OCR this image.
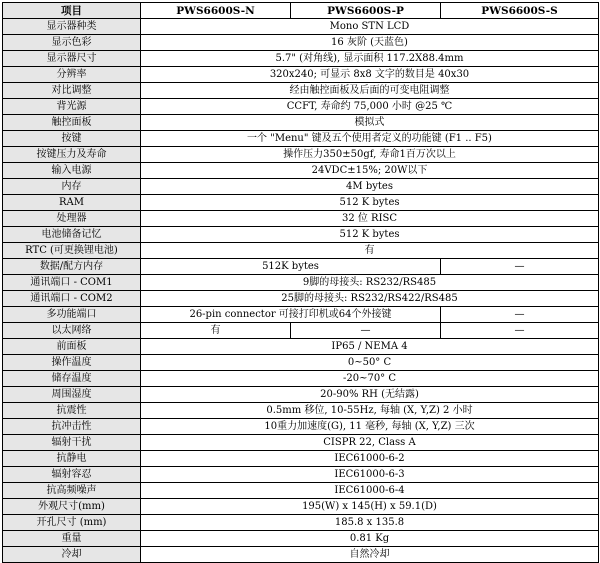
项目	PWS6600S-N	PWS6600S-P	PWS6600S-S
显示器种类	Mono STN LCD		
显示色彩	16 灰阶 (天蓝色)		
显示器尺寸	5.7" (对角线), 显示面积 117.2X88.4mm		
分辨率	320x240; 可显示 8x8 文字的数目是 40x30		
对比调整	经由触控面板及后面的可变电阻调整		
背光源	CCFT, 寿命约 75,000 小时 @25 ℃		
触控面板	模拟式		
按键	一个 "Menu" 键及五个使用者定义的功能键 (F1 .. F5)		
按键压力及寿命	操作压力350±50gf, 寿命1百万次以上		
输入电源	24VDC±15%; 20W以下		
内存	4M bytes		
RAM	512 K bytes		
处理器	32 位 RISC		
电池储备记忆	512 K bytes		
RTC (可更换锂电池)	有		
数据/配方内存	512K bytes		—
通讯端口 - COM1	9脚的母接头: RS232/RS485		
通讯端口 - COM2	25脚的母接头: RS232/RS422/RS485		
多功能端口	26-pin connector 可接打印机或64个外接键		—
以太网络	有	—	—
前面板	IP65 / NEMA 4		
操作温度	0~50° C		
储存温度	-20~70° C		
周围湿度	20-90% RH (无结露)		
抗震性	0.5mm 移位, 10-55Hz, 每轴 (X, Y,Z) 2 小时		
抗冲击性	10重力加速度(G), 11 毫秒, 每轴 (X, Y,Z) 三次		
辐射干扰	CISPR 22, Class A		
抗静电	IEC61000-6-2		
辐射容忍	IEC61000-6-3		
抗高频噪声	IEC61000-6-4		
外观尺寸(mm)	195(W) x 145(H) x 59.1(D)		
开孔尺寸 (mm)	185.8 x 135.8		
重量	0.81 Kg		
冷却	自然冷却		
